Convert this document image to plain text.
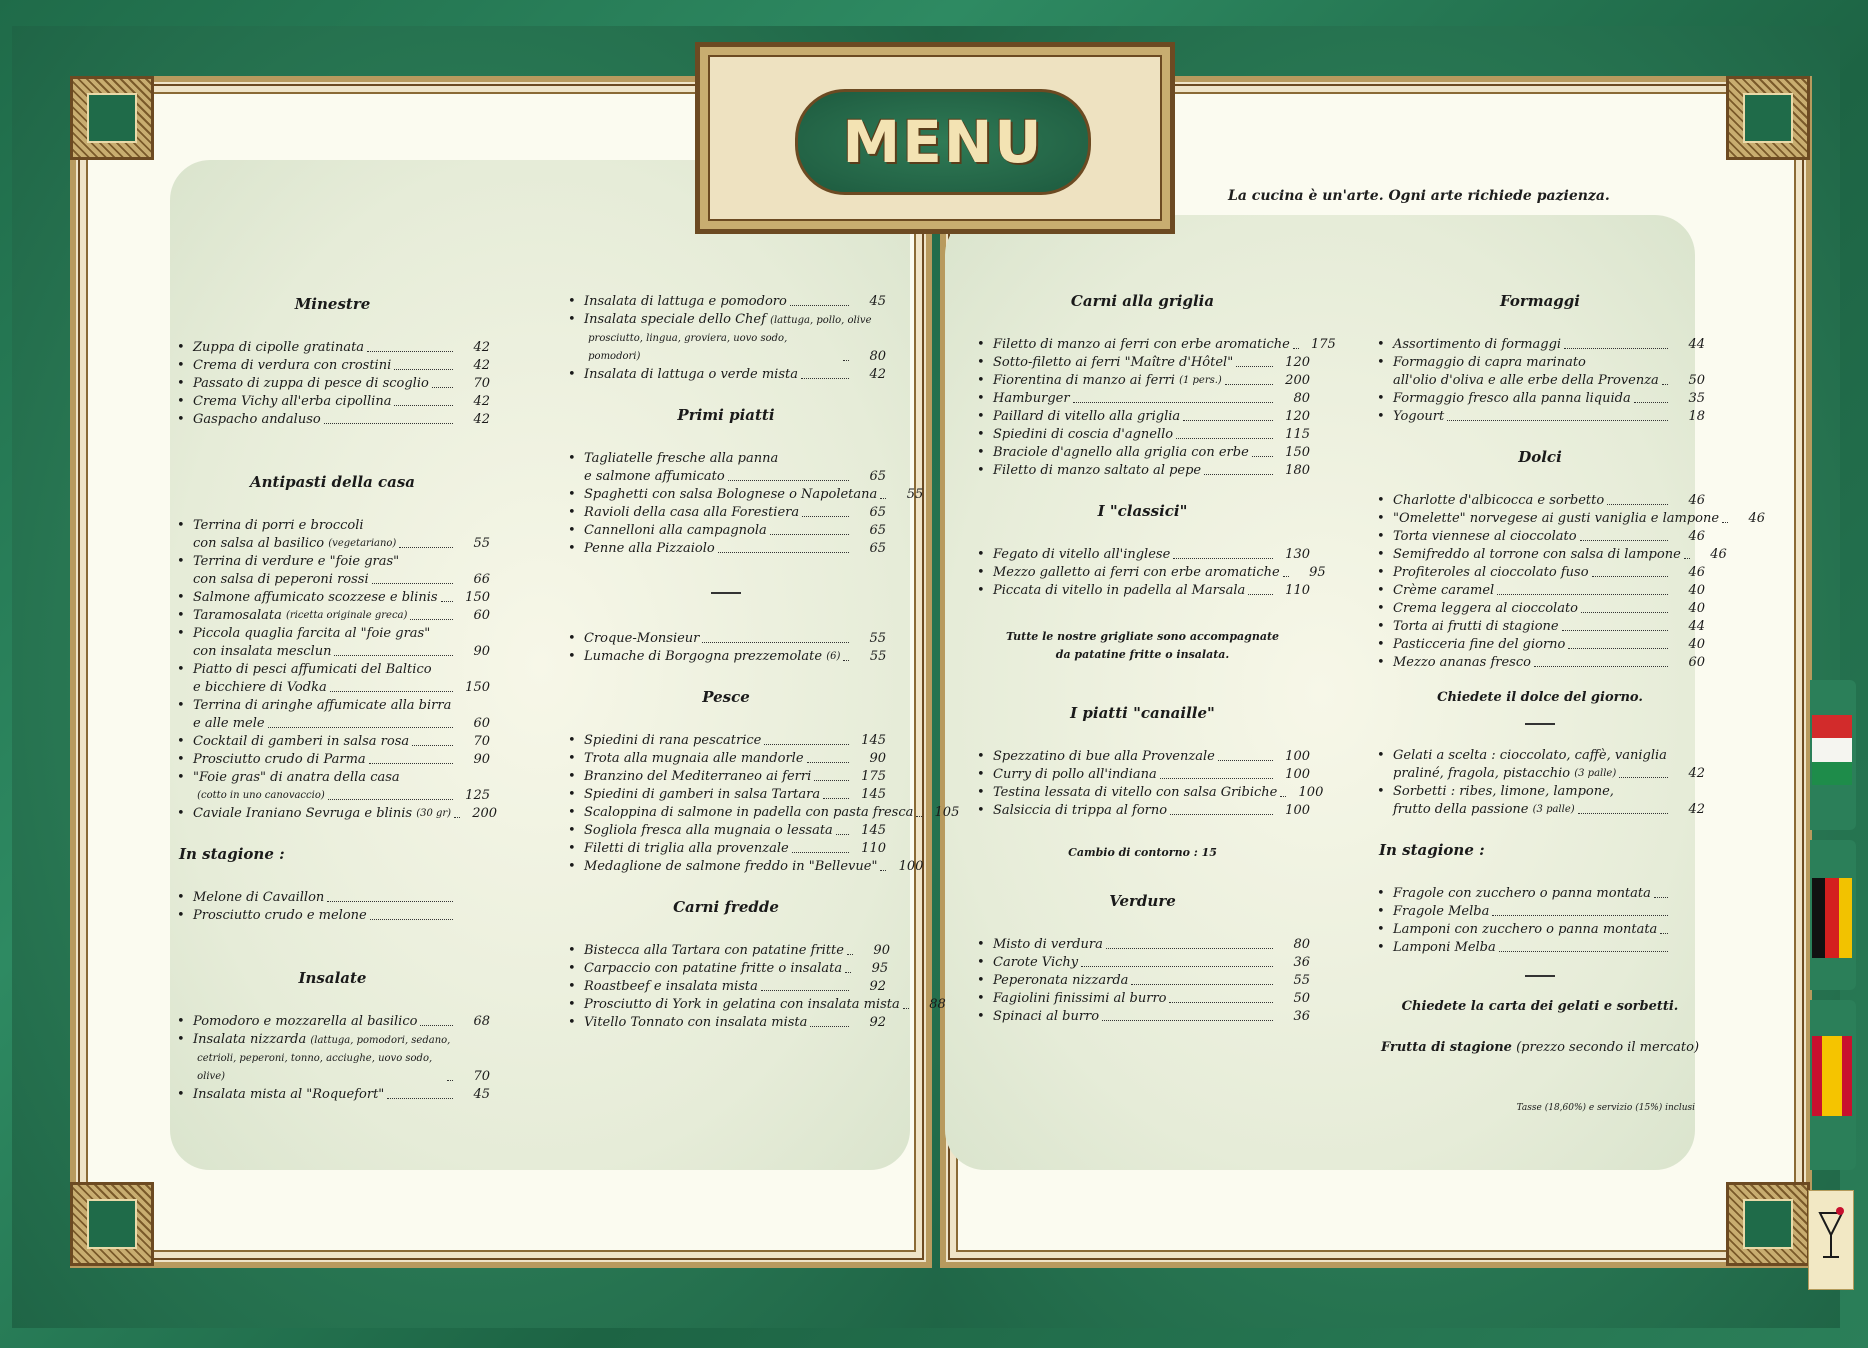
MENU
La cucina è un'arte. Ogni arte richiede pazienza.
Minestre
• Zuppa di cipolle gratinata	42
• Crema di verdura con crostini	42
• Passato di zuppa di pesce di scoglio	70
• Crema Vichy all'erba cipollina	42
• Gaspacho andaluso	42
Antipasti della casa
• Terrina di porri e broccoli
con salsa al basilico
(vegetariano)	55
• Terrina di verdure e "foie gras"
con salsa di peperoni rossi	66
• Salmone affumicato scozzese e blinis	150
• Taramosalata
(ricetta originale greca)	60
• Piccola quaglia farcita al "foie gras"
con insalata mesclun	90
• Piatto di pesci affumicati del Baltico
e bicchiere di Vodka	150
• Terrina di aringhe affumicate alla birra
e alle mele	60
• Cocktail di gamberi in salsa rosa	70
• Prosciutto crudo di Parma	90
• "Foie gras" di anatra della casa

(cotto in uno canovaccio)	125
• Caviale Iraniano Sevruga e blinis
(30 gr)	200
In stagione :
• Melone di Cavaillon
• Prosciutto crudo e melone
Insalate
• Pomodoro e mozzarella al basilico	68
• Insalata nizzarda (lattuga, pomodori, sedano,

cetrioli, peperoni, tonno, acciughe, uovo sodo, olive)	70
• Insalata mista al "Roquefort"	45
• Insalata di lattuga e pomodoro	45
• Insalata speciale dello Chef (lattuga, pollo, olive

prosciutto, lingua, groviera, uovo sodo, pomodori)	80
• Insalata di lattuga o verde mista	42
Primi piatti
• Tagliatelle fresche alla panna
e salmone affumicato	65
• Spaghetti con salsa Bolognese o Napoletana	55
• Ravioli della casa alla Forestiera	65
• Cannelloni alla campagnola	65
• Penne alla Pizzaiolo	65
• Croque-Monsieur	55
• Lumache di Borgogna prezzemolate
(6)	55
Pesce
• Spiedini di rana pescatrice	145
• Trota alla mugnaia alle mandorle	90
• Branzino del Mediterraneo ai ferri	175
• Spiedini di gamberi in salsa Tartara	145
• Scaloppina di salmone in padella con pasta fresca	105
• Sogliola fresca alla mugnaia o lessata	145
• Filetti di triglia alla provenzale	110
• Medaglione de salmone freddo in "Bellevue"	100
Carni fredde
• Bistecca alla Tartara con patatine fritte	90
• Carpaccio con patatine fritte o insalata	95
• Roastbeef e insalata mista	92
• Prosciutto di York in gelatina con insalata mista	88
• Vitello Tonnato con insalata mista	92
Carni alla griglia
• Filetto di manzo ai ferri con erbe aromatiche	175
• Sotto-filetto ai ferri "Maître d'Hôtel"	120
• Fiorentina di manzo ai ferri
(1 pers.)	200
• Hamburger	80
• Paillard di vitello alla griglia	120
• Spiedini di coscia d'agnello	115
• Braciole d'agnello alla griglia con erbe	150
• Filetto di manzo saltato al pepe	180
I "classici"
• Fegato di vitello all'inglese	130
• Mezzo galletto ai ferri con erbe aromatiche	95
• Piccata di vitello in padella al Marsala	110
Tutte le nostre grigliate sono accompagnate
da patatine fritte o insalata.
I piatti "canaille"
• Spezzatino di bue alla Provenzale	100
• Curry di pollo all'indiana	100
• Testina lessata di vitello con salsa Gribiche	100
• Salsiccia di trippa al forno	100
Cambio di contorno : 15
Verdure
• Misto di verdura	80
• Carote Vichy	36
• Peperonata nizzarda	55
• Fagiolini finissimi al burro	50
• Spinaci al burro	36
Formaggi
• Assortimento di formaggi	44
• Formaggio di capra marinato
all'olio d'oliva e alle erbe della Provenza	50
• Formaggio fresco alla panna liquida	35
• Yogourt	18
Dolci
• Charlotte d'albicocca e sorbetto	46
• "Omelette" norvegese ai gusti vaniglia e lampone	46
• Torta viennese al cioccolato	46
• Semifreddo al torrone con salsa di lampone	46
• Profiteroles al cioccolato fuso	46
• Crème caramel	40
• Crema leggera al cioccolato	40
• Torta ai frutti di stagione	44
• Pasticceria fine del giorno	40
• Mezzo ananas fresco	60
Chiedete il dolce del giorno.
• Gelati a scelta : cioccolato, caffè, vaniglia
praliné, fragola, pistacchio
(3 palle)	42
• Sorbetti : ribes, limone, lampone,
frutto della passione
(3 palle)	42
In stagione :
• Fragole con zucchero o panna montata
• Fragole Melba
• Lamponi con zucchero o panna montata
• Lamponi Melba
Chiedete la carta dei gelati e sorbetti.
Frutta di stagione (prezzo secondo il mercato)
Tasse (18,60%) e servizio (15%) inclusi
